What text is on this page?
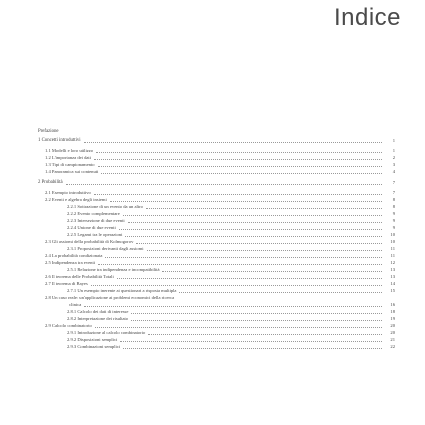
Indice
Prefazione
1 Concetti introduttivi	1
1.1 Modelli e loro utilizzo	1
1.2 L'importanza dei dati	2
1.3 Tipi di campionamento	3
1.4 Panoramica sui contenuti	4
2 Probabilità	7
2.1 Esempio introduttivo	7
2.2 Eventi e algebra degli insiemi	8
2.2.1 Sottrazione di un evento da un altro	8
2.2.2 Evento complementare	9
2.2.3 Intersezione di due eventi	9
2.2.4 Unione di due eventi	9
2.2.5 Legami tra le operazioni	10
2.3 Gli assiomi della probabilità di Kolmogorov	10
2.3.1 Proposizioni derivanti dagli assiomi	11
2.4 La probabilità condizionata	11
2.5 Indipendenza tra eventi	12
2.5.1 Relazione tra indipendenza e incompatibilità	13
2.6 Il teorema delle Probabilità Totali	13
2.7 Il teorema di Bayes	14
2.7.1 Un esempio inerente ai questionari a risposta multipla	15
2.8 Un caso reale: un'applicazione ai problemi economici della ricerca
clinica	16
2.8.1 Calcolo dei dati di interesse	18
2.8.2 Interpretazione dei risultato	19
2.9 Calcolo combinatorio	20
2.9.1 Introduzione al calcolo combinatorio	20
2.9.2 Disposizioni semplici	21
2.9.3 Combinazioni semplici	22
